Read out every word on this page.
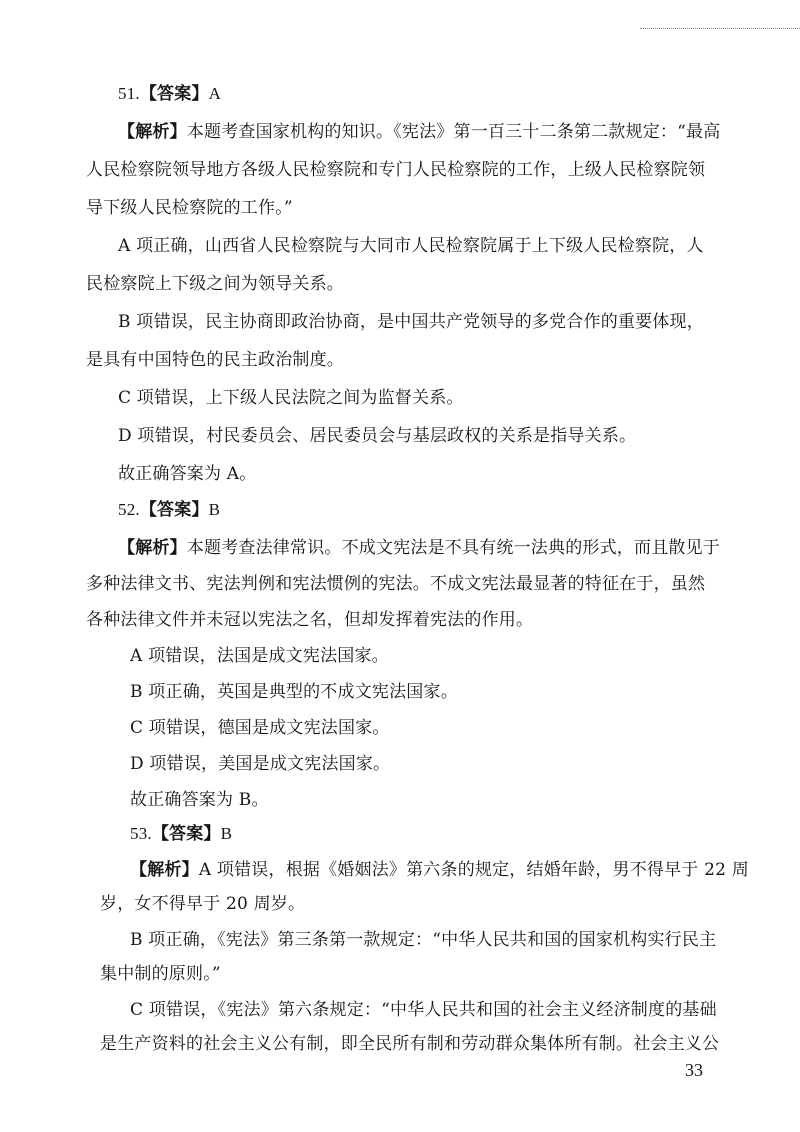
51.【答案】A
【解析】本题考查国家机构的知识。《宪法》第一百三十二条第二款规定：“最高
人民检察院领导地方各级人民检察院和专门人民检察院的工作，上级人民检察院领
导下级人民检察院的工作。”
A 项正确，山西省人民检察院与大同市人民检察院属于上下级人民检察院，人
民检察院上下级之间为领导关系。
B 项错误，民主协商即政治协商，是中国共产党领导的多党合作的重要体现，
是具有中国特色的民主政治制度。
C 项错误，上下级人民法院之间为监督关系。
D 项错误，村民委员会、居民委员会与基层政权的关系是指导关系。
故正确答案为 A。
52.【答案】B
【解析】本题考查法律常识。不成文宪法是不具有统一法典的形式，而且散见于
多种法律文书、宪法判例和宪法惯例的宪法。不成文宪法最显著的特征在于，虽然
各种法律文件并未冠以宪法之名，但却发挥着宪法的作用。
A 项错误，法国是成文宪法国家。
B 项正确，英国是典型的不成文宪法国家。
C 项错误，德国是成文宪法国家。
D 项错误，美国是成文宪法国家。
故正确答案为 B。
53.【答案】B
【解析】A 项错误，根据《婚姻法》第六条的规定，结婚年龄，男不得早于 22 周
岁，女不得早于 20 周岁。
B 项正确，《宪法》第三条第一款规定：“中华人民共和国的国家机构实行民主
集中制的原则。”
C 项错误，《宪法》第六条规定：“中华人民共和国的社会主义经济制度的基础
是生产资料的社会主义公有制，即全民所有制和劳动群众集体所有制。社会主义公
33
